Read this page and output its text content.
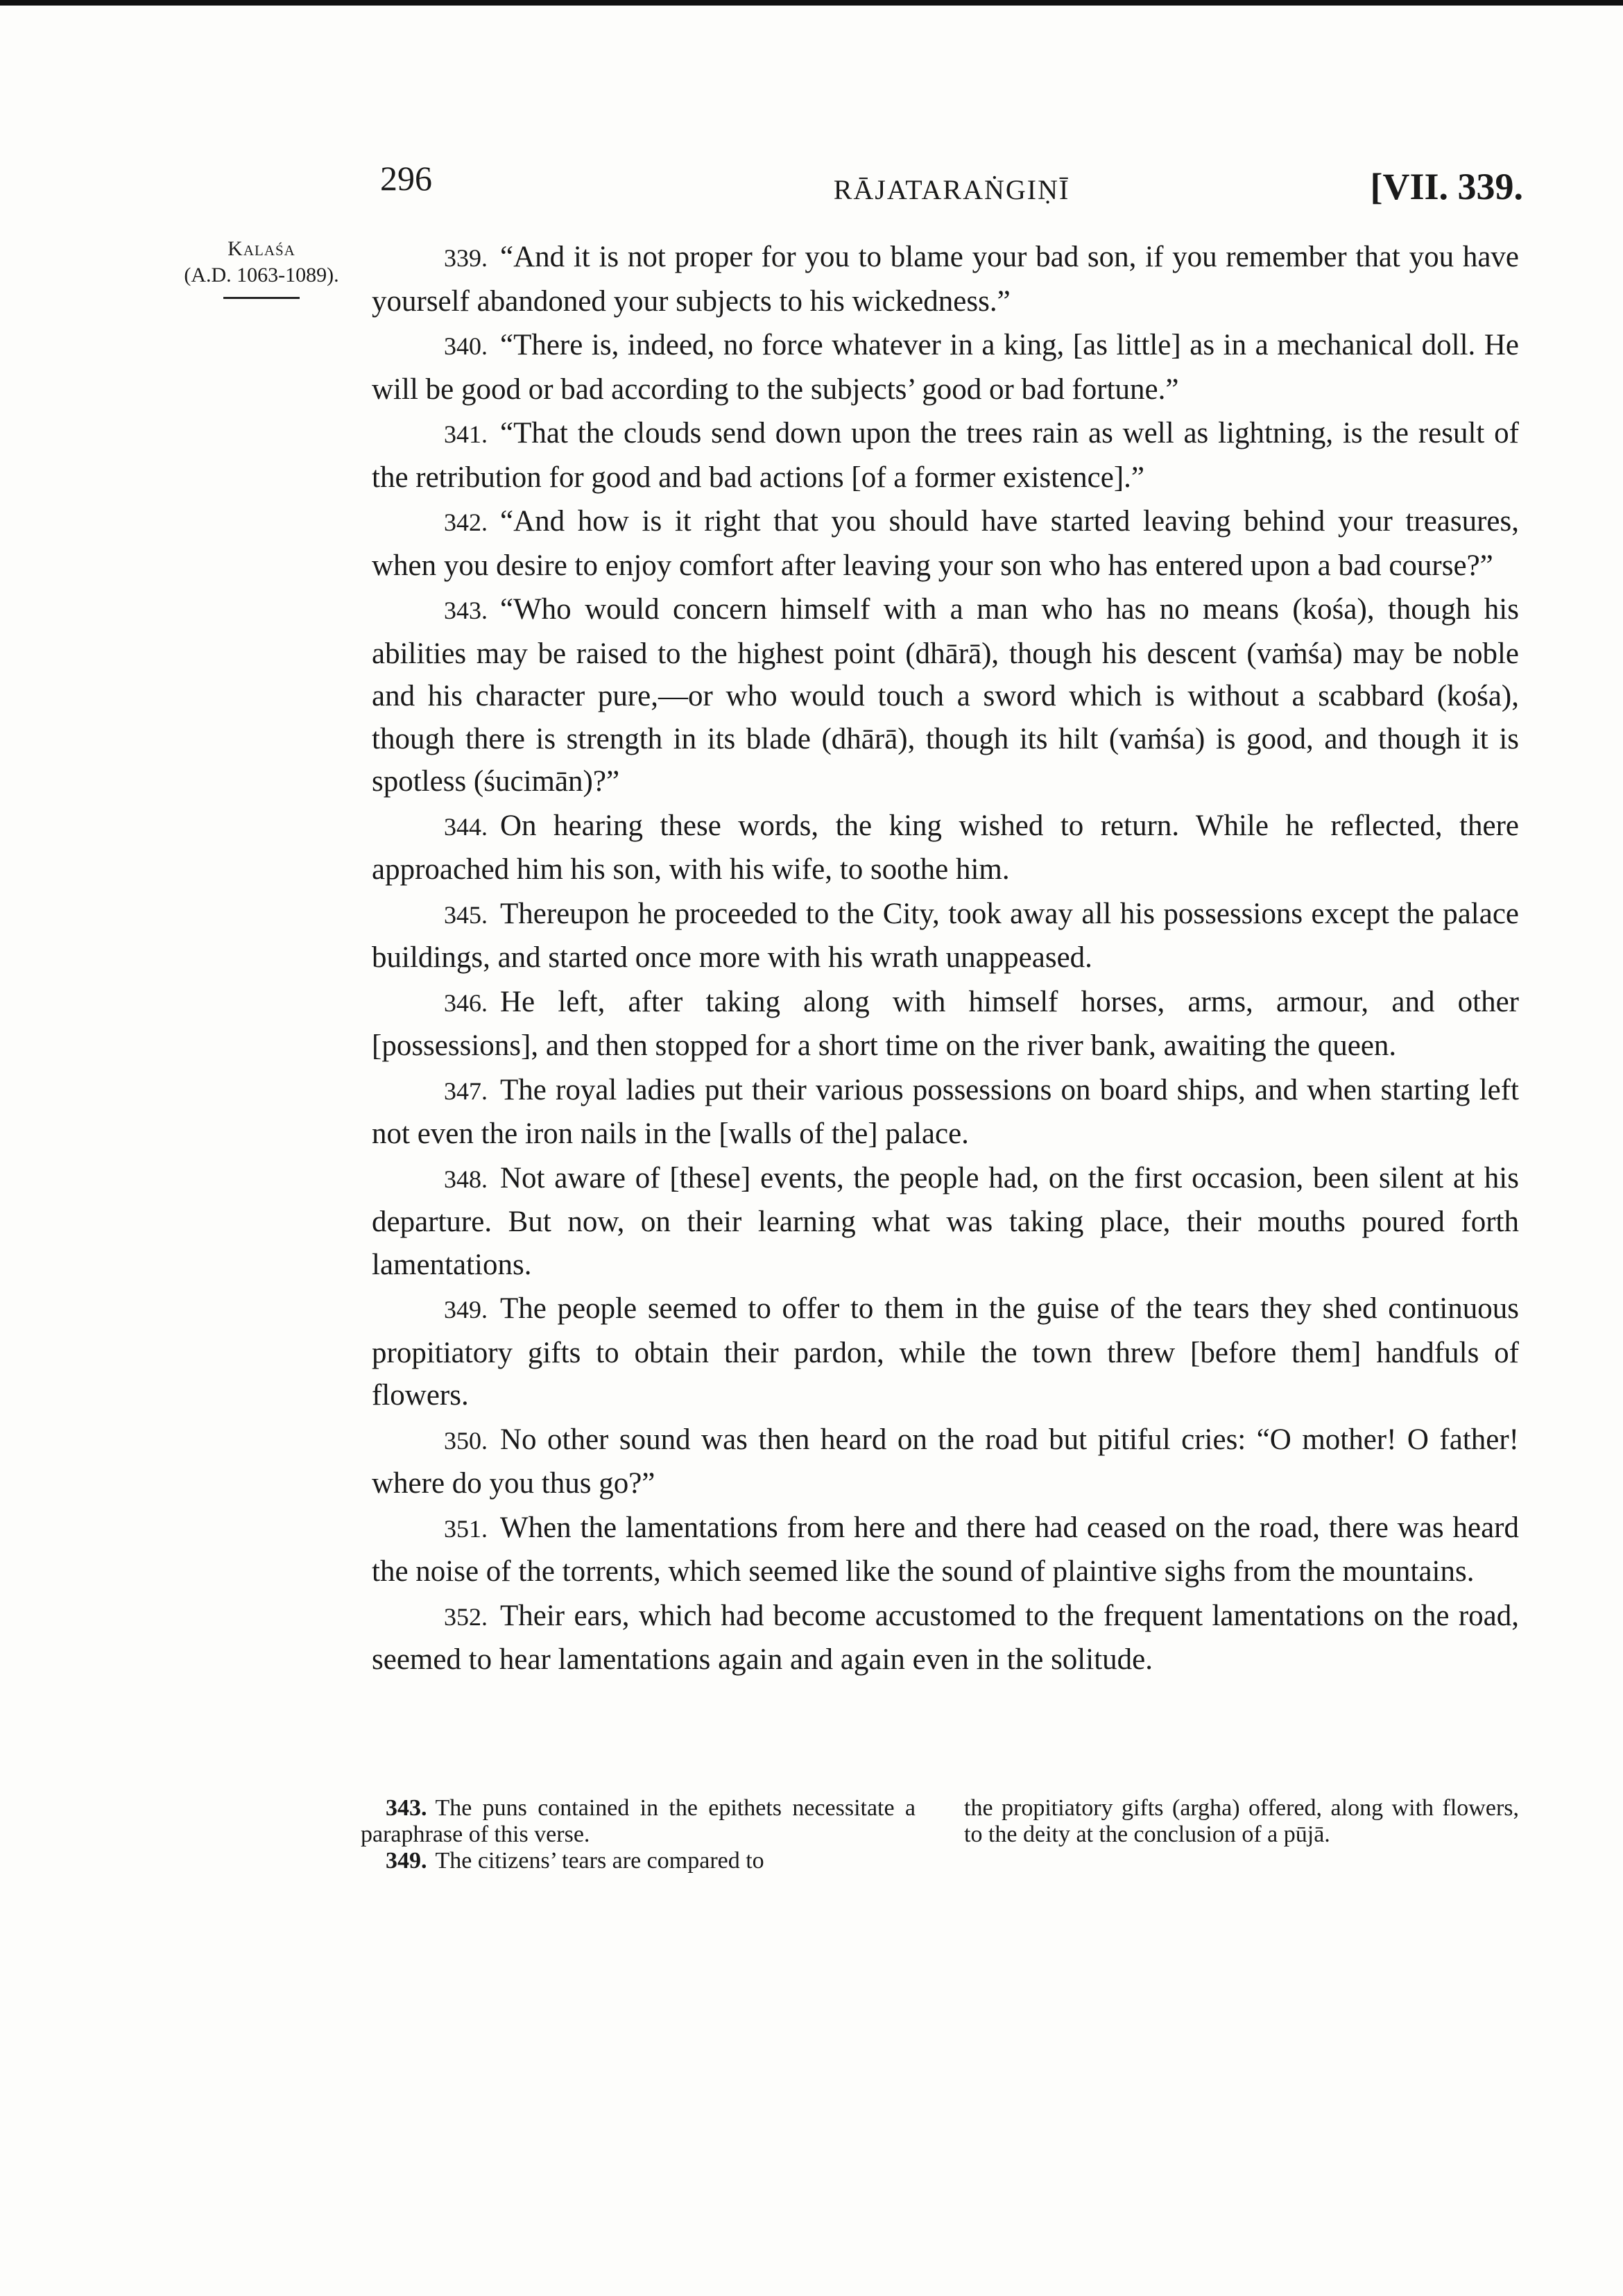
296	RĀJATARAṄGIṆĪ	[VII. 339.
Kalaśa
(A.D. 1063-1089).

339. “And it is not proper for you to blame your bad son, if you remember that you have yourself abandoned your subjects to his wickedness.”

340. “There is, indeed, no force whatever in a king, [as little] as in a mechanical doll. He will be good or bad according to the subjects’ good or bad fortune.”

341. “That the clouds send down upon the trees rain as well as lightning, is the result of the retribution for good and bad actions [of a former existence].”

342. “And how is it right that you should have started leaving behind your treasures, when you desire to enjoy comfort after leaving your son who has entered upon a bad course?”

343. “Who would concern himself with a man who has no means (kośa), though his abilities may be raised to the highest point (dhārā), though his descent (vaṁśa) may be noble and his character pure,—or who would touch a sword which is without a scabbard (kośa), though there is strength in its blade (dhārā), though its hilt (vaṁśa) is good, and though it is spotless (śucimān)?”

344. On hearing these words, the king wished to return. While he reflected, there approached him his son, with his wife, to soothe him.

345. Thereupon he proceeded to the City, took away all his possessions except the palace buildings, and started once more with his wrath unappeased.

346. He left, after taking along with himself horses, arms, armour, and other [possessions], and then stopped for a short time on the river bank, awaiting the queen.

347. The royal ladies put their various possessions on board ships, and when starting left not even the iron nails in the [walls of the] palace.

348. Not aware of [these] events, the people had, on the first occasion, been silent at his departure. But now, on their learning what was taking place, their mouths poured forth lamentations.

349. The people seemed to offer to them in the guise of the tears they shed continuous propitiatory gifts to obtain their pardon, while the town threw [before them] handfuls of flowers.

350. No other sound was then heard on the road but pitiful cries: “O mother! O father! where do you thus go?”

351. When the lamentations from here and there had ceased on the road, there was heard the noise of the torrents, which seemed like the sound of plaintive sighs from the mountains.

352. Their ears, which had become accustomed to the frequent lamentations on the road, seemed to hear lamentations again and again even in the solitude.

343. The puns contained in the epithets necessitate a paraphrase of this verse.

349. The citizens’ tears are compared to

the propitiatory gifts (argha) offered, along with flowers, to the deity at the conclusion of a pūjā.
